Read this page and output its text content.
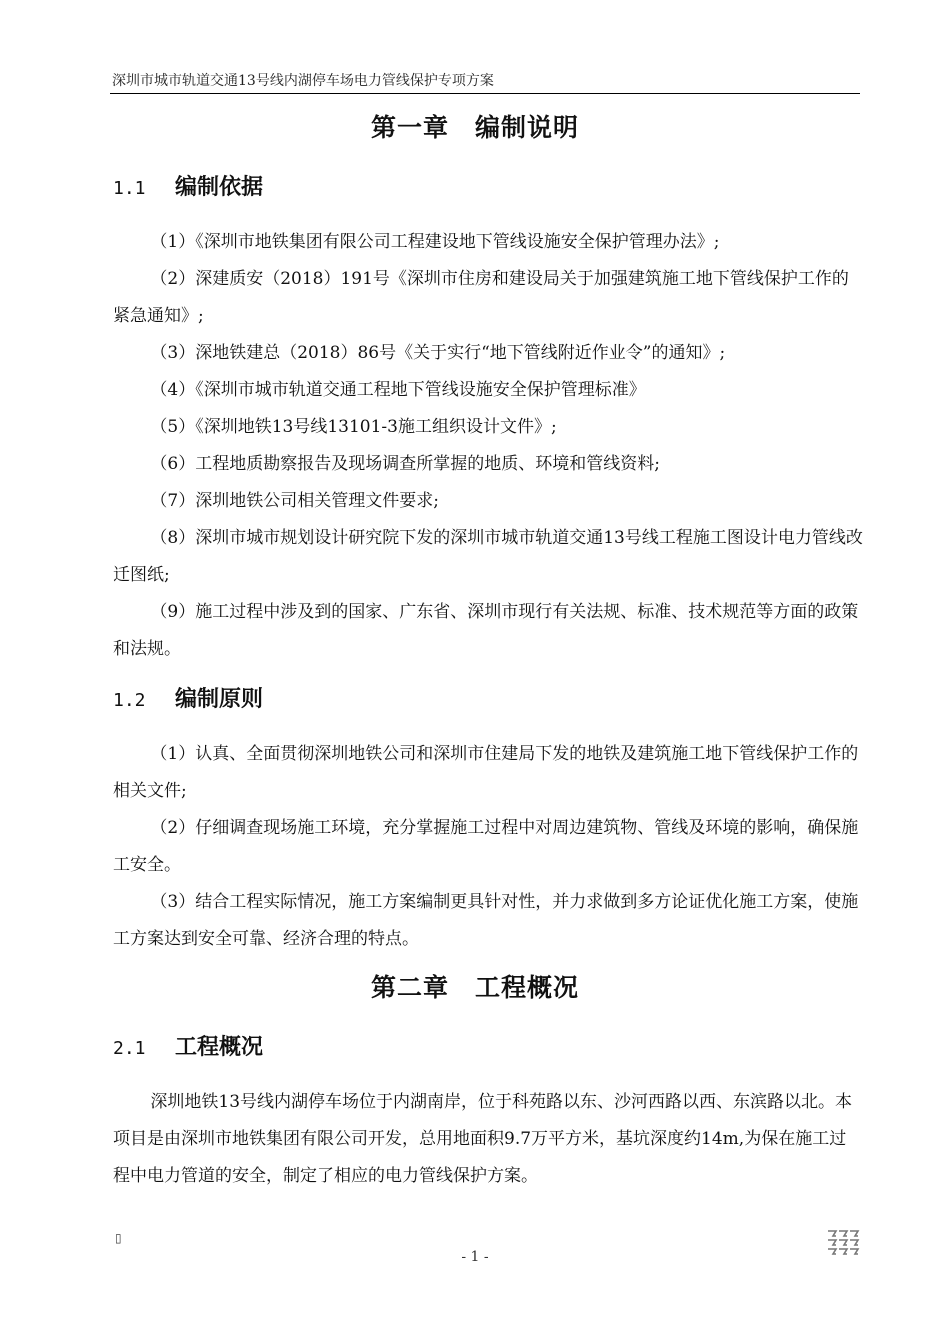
深圳市城市轨道交通13号线内湖停车场电力管线保护专项方案
第一章 编制说明
1.1 编制依据
（1）《深圳市地铁集团有限公司工程建设地下管线设施安全保护管理办法》;
（2）深建质安（2018）191号《深圳市住房和建设局关于加强建筑施工地下管线保护工作的紧急通知》;
（3）深地铁建总（2018）86号《关于实行“地下管线附近作业令”的通知》;
（4）《深圳市城市轨道交通工程地下管线设施安全保护管理标准》
（5）《深圳地铁13号线13101-3施工组织设计文件》;
（6）工程地质勘察报告及现场调查所掌握的地质、环境和管线资料;
（7）深圳地铁公司相关管理文件要求;
（8）深圳市城市规划设计研究院下发的深圳市城市轨道交通13号线工程施工图设计电力管线改迁图纸;
（9）施工过程中涉及到的国家、广东省、深圳市现行有关法规、标准、技术规范等方面的政策和法规。
1.2 编制原则
（1）认真、全面贯彻深圳地铁公司和深圳市住建局下发的地铁及建筑施工地下管线保护工作的相关文件;
（2）仔细调查现场施工环境，充分掌握施工过程中对周边建筑物、管线及环境的影响，确保施工安全。
（3）结合工程实际情况，施工方案编制更具针对性，并力求做到多方论证优化施工方案，使施工方案达到安全可靠、经济合理的特点。
第二章 工程概况
2.1 工程概况
深圳地铁13号线内湖停车场位于内湖南岸，位于科苑路以东、沙河西路以西、东滨路以北。本项目是由深圳市地铁集团有限公司开发，总用地面积9.7万平方米，基坑深度约14m,为保在施工过程中电力管道的安全，制定了相应的电力管线保护方案。
▯
- 1 -
